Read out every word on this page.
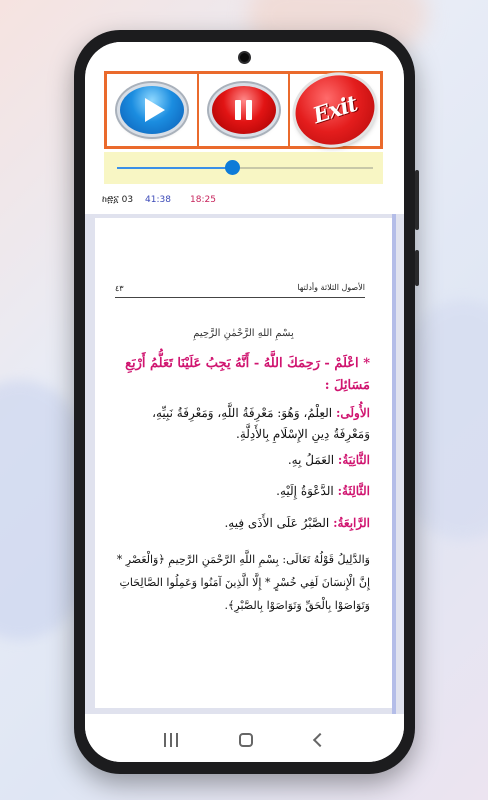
Exit
ከ፷፩ 03 41:38 18:25
٤٣	الأصول الثلاثة وأدلتها
بِسْمِ اللهِ الرَّحْمٰنِ الرَّحِيمِ
* اعْلَمْ - رَحِمَكَ اللَّهُ - أَنَّهُ يَجِبُ عَلَيْنَا تَعَلُّمُ أَرْبَعِ مَسَائِلَ :
الأُولَى: العِلْمُ، وَهُوَ: مَعْرِفَةُ اللَّهِ، وَمَعْرِفَةُ نَبِيِّهِ، وَمَعْرِفَةُ دِينِ الإِسْلَامِ بِالأَدِلَّةِ.
الثَّانِيَةُ: العَمَلُ بِهِ.
الثَّالِثَةُ: الدَّعْوَةُ إِلَيْهِ.
الرَّابِعَةُ: الصَّبْرُ عَلَى الأَذَى فِيهِ.
وَالدَّلِيلُ قَوْلُهُ تَعَالَى: بِسْمِ اللَّهِ الرَّحْمَنِ الرَّحِيمِ ﴿وَالْعَصْرِ * إِنَّ الْإِنسَانَ لَفِي خُسْرٍ * إِلَّا الَّذِينَ آمَنُوا وَعَمِلُوا الصَّالِحَاتِ وَتَوَاصَوْا بِالْحَقِّ وَتَوَاصَوْا بِالصَّبْرِ﴾.
